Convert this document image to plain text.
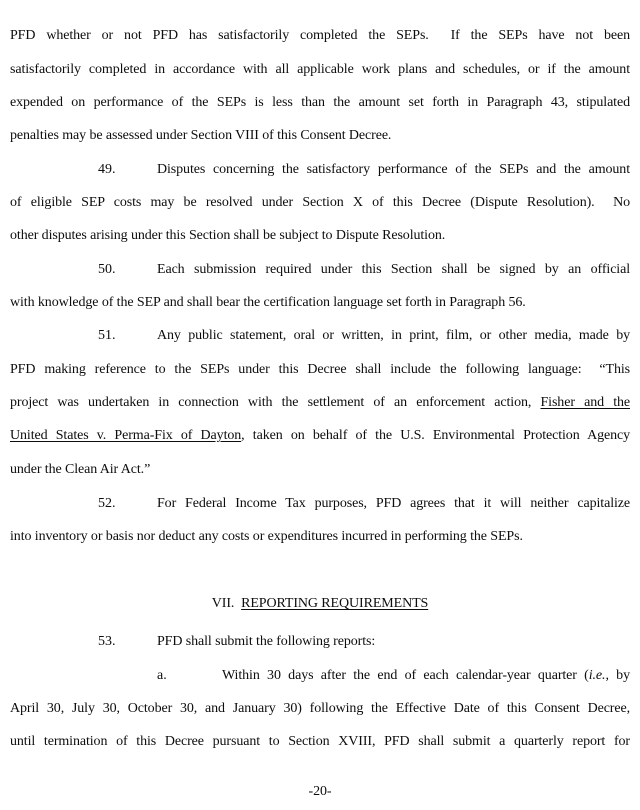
PFD whether or not PFD has satisfactorily completed the SEPs.  If the SEPs have not been
satisfactorily completed in accordance with all applicable work plans and schedules, or if the amount
expended on performance of the SEPs is less than the amount set forth in Paragraph 43, stipulated
penalties may be assessed under Section VIII of this Consent Decree.
49.	Disputes concerning the satisfactory performance of the SEPs and the amount
of eligible SEP costs may be resolved under Section X of this Decree (Dispute Resolution).  No
other disputes arising under this Section shall be subject to Dispute Resolution.
50.	Each submission required under this Section shall be signed by an official
with knowledge of the SEP and shall bear the certification language set forth in Paragraph 56.
51.	Any public statement, oral or written, in print, film, or other media, made by
PFD making reference to the SEPs under this Decree shall include the following language:  “This
project was undertaken in connection with the settlement of an enforcement action, Fisher and the
United States v. Perma-Fix of Dayton, taken on behalf of the U.S. Environmental Protection Agency
under the Clean Air Act.”
52.	For Federal Income Tax purposes, PFD agrees that it will neither capitalize
into inventory or basis nor deduct any costs or expenditures incurred in performing the SEPs.
VII.  REPORTING REQUIREMENTS
53.	PFD shall submit the following reports:
a.	Within 30 days after the end of each calendar-year quarter (i.e., by
April 30, July 30, October 30, and January 30) following the Effective Date of this Consent Decree,
until termination of this Decree pursuant to Section XVIII, PFD shall submit a quarterly report for
-20-
